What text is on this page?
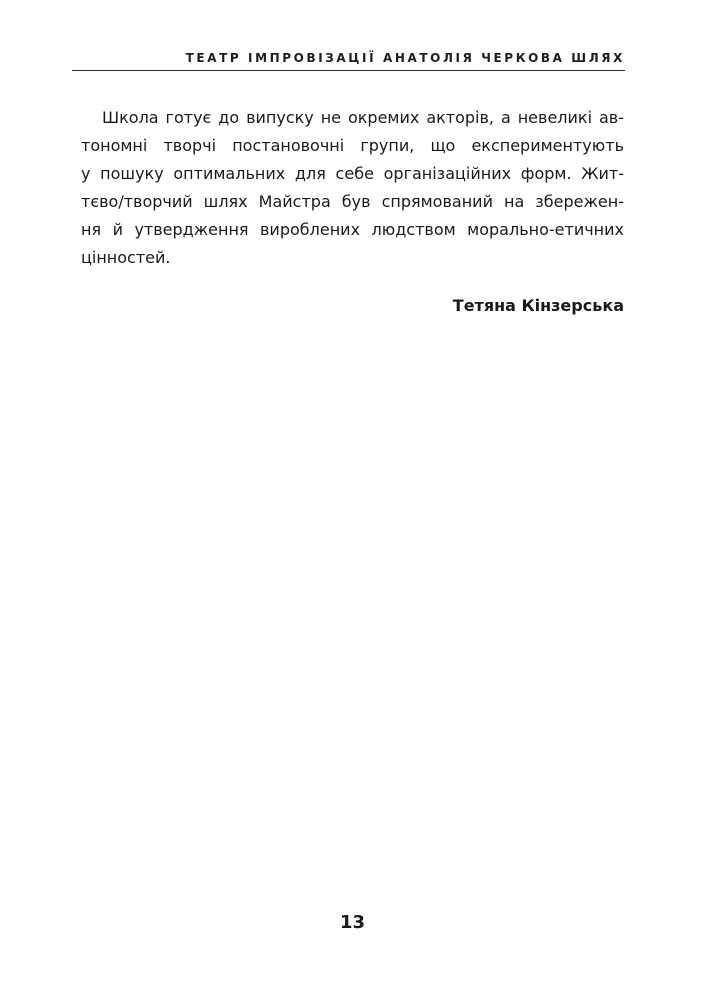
ТЕАТР ІМПРОВІЗАЦІЇ АНАТОЛІЯ ЧЕРКОВА ШЛЯХ
Школа готує до випуску не окремих акторів, а невеликі ав-
тономні творчі постановочні групи, що експериментують
у пошуку оптимальних для себе організаційних форм. Жит-
тєво/творчий шлях Майстра був спрямований на збережен-
ня й утвердження вироблених людством морально-етичних
цінностей.
Тетяна Кінзерська
13
